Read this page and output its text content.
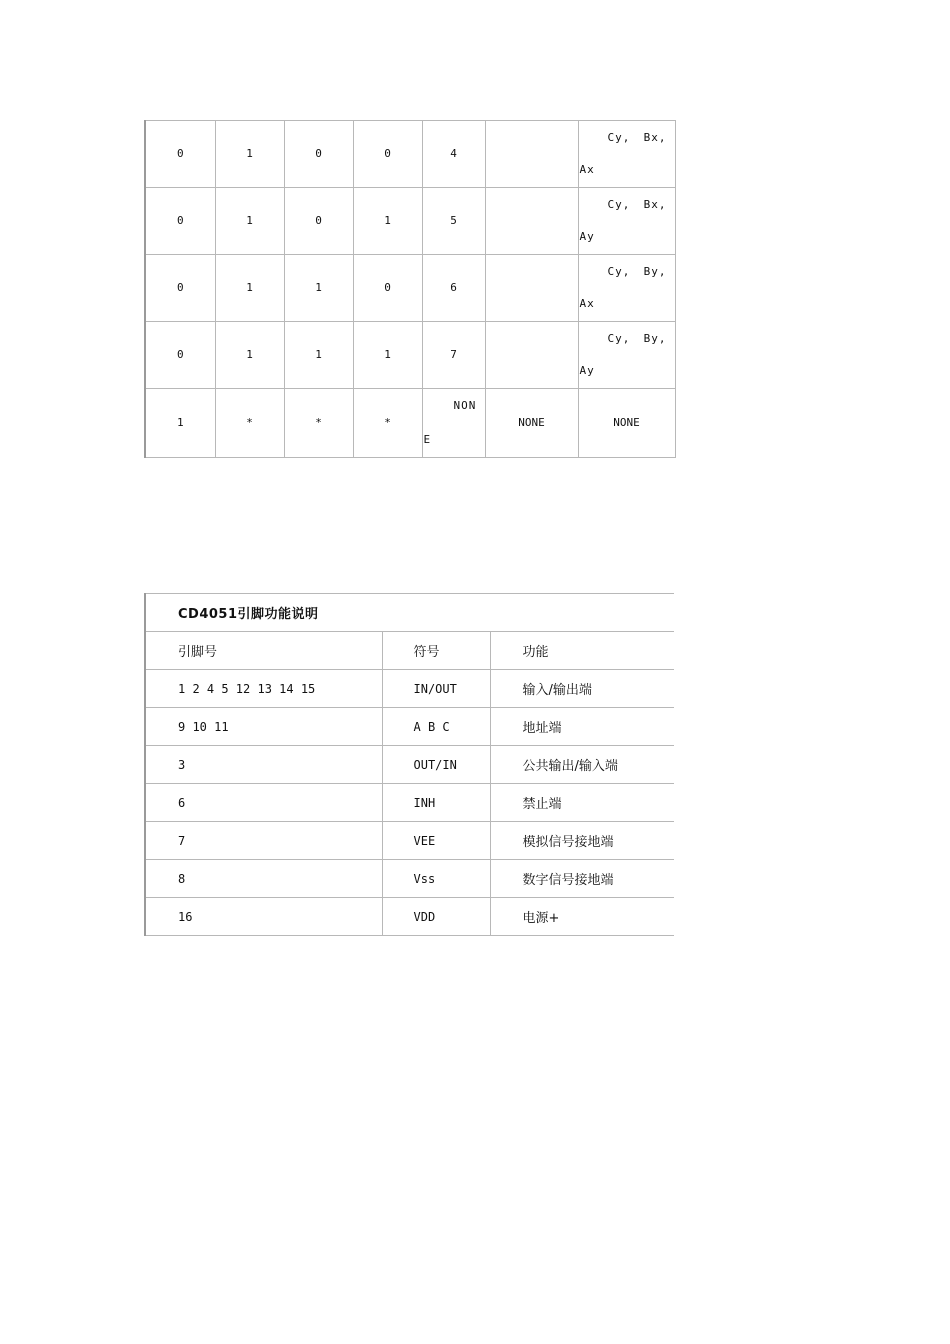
0	1	0	0	4		Cy, Bx, Ax
0	1	0	1	5		Cy, Bx, Ay
0	1	1	0	6		Cy, By, Ax
0	1	1	1	7		Cy, By, Ay
1	*	*	*	NONE	NONE	NONE
CD4051引脚功能说明		
引脚号	符号	功能
1 2 4 5 12 13 14 15	IN/OUT	输入/输出端
9 10 11	A B C	地址端
3	OUT/IN	公共输出/输入端
6	INH	禁止端
7	VEE	模拟信号接地端
8	Vss	数字信号接地端
16	VDD	电源+
